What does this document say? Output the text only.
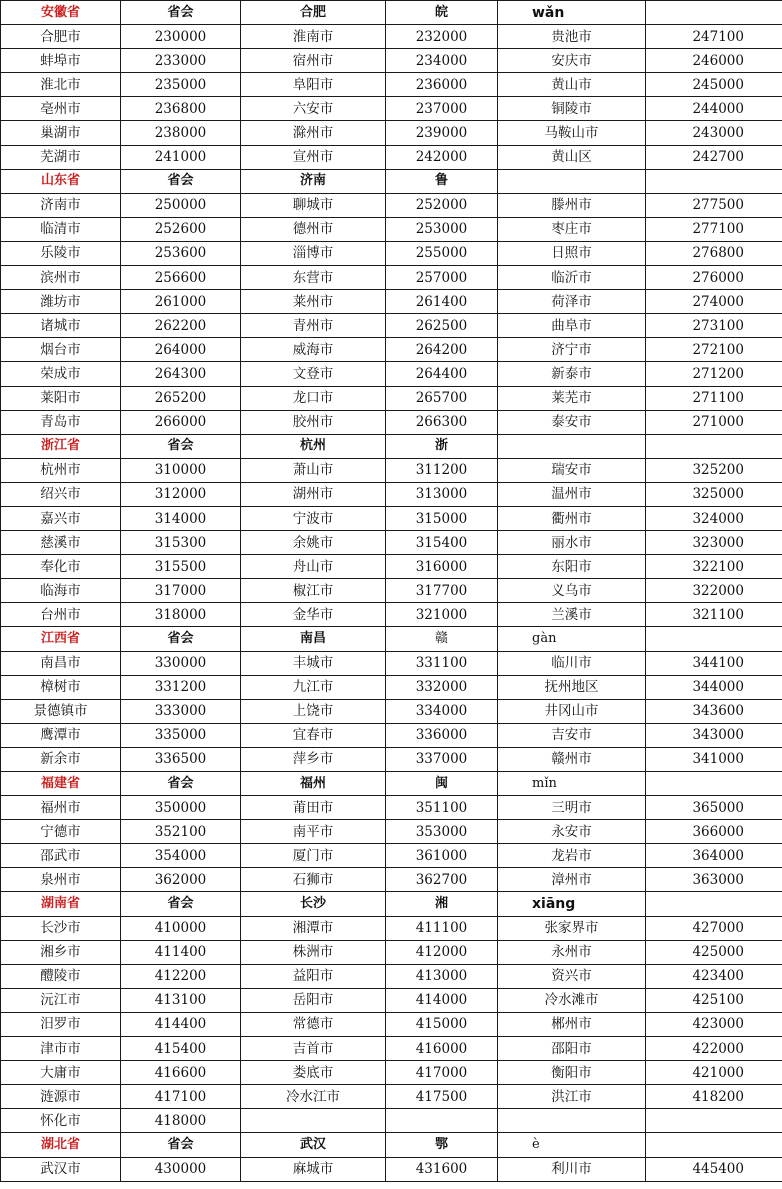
安徽省	省会	合肥	皖	wǎn	
合肥市	230000	淮南市	232000	贵池市	247100
蚌埠市	233000	宿州市	234000	安庆市	246000
淮北市	235000	阜阳市	236000	黄山市	245000
亳州市	236800	六安市	237000	铜陵市	244000
巢湖市	238000	滁州市	239000	马鞍山市	243000
芜湖市	241000	宣州市	242000	黄山区	242700
山东省	省会	济南	鲁		
济南市	250000	聊城市	252000	滕州市	277500
临清市	252600	德州市	253000	枣庄市	277100
乐陵市	253600	淄博市	255000	日照市	276800
滨州市	256600	东营市	257000	临沂市	276000
潍坊市	261000	莱州市	261400	荷泽市	274000
诸城市	262200	青州市	262500	曲阜市	273100
烟台市	264000	威海市	264200	济宁市	272100
荣成市	264300	文登市	264400	新泰市	271200
莱阳市	265200	龙口市	265700	莱芜市	271100
青岛市	266000	胶州市	266300	泰安市	271000
浙江省	省会	杭州	浙		
杭州市	310000	萧山市	311200	瑞安市	325200
绍兴市	312000	湖州市	313000	温州市	325000
嘉兴市	314000	宁波市	315000	衢州市	324000
慈溪市	315300	余姚市	315400	丽水市	323000
奉化市	315500	舟山市	316000	东阳市	322100
临海市	317000	椒江市	317700	义乌市	322000
台州市	318000	金华市	321000	兰溪市	321100
江西省	省会	南昌	赣	gàn	
南昌市	330000	丰城市	331100	临川市	344100
樟树市	331200	九江市	332000	抚州地区	344000
景德镇市	333000	上饶市	334000	井冈山市	343600
鹰潭市	335000	宜春市	336000	吉安市	343000
新余市	336500	萍乡市	337000	赣州市	341000
福建省	省会	福州	闽	mǐn	
福州市	350000	莆田市	351100	三明市	365000
宁德市	352100	南平市	353000	永安市	366000
邵武市	354000	厦门市	361000	龙岩市	364000
泉州市	362000	石狮市	362700	漳州市	363000
湖南省	省会	长沙	湘	xiāng	
长沙市	410000	湘潭市	411100	张家界市	427000
湘乡市	411400	株洲市	412000	永州市	425000
醴陵市	412200	益阳市	413000	资兴市	423400
沅江市	413100	岳阳市	414000	冷水滩市	425100
汨罗市	414400	常德市	415000	郴州市	423000
津市市	415400	吉首市	416000	邵阳市	422000
大庸市	416600	娄底市	417000	衡阳市	421000
涟源市	417100	冷水江市	417500	洪江市	418200
怀化市	418000				
湖北省	省会	武汉	鄂	è	
武汉市	430000	麻城市	431600	利川市	445400
